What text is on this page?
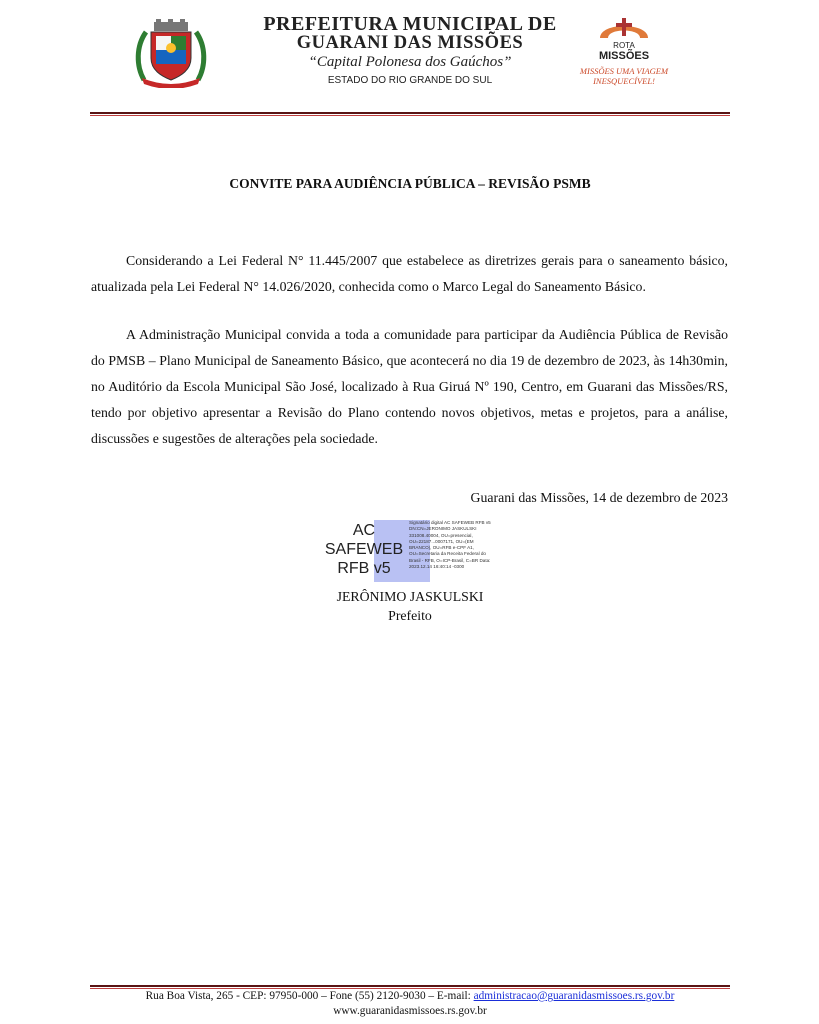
PREFEITURA MUNICIPAL DE
GUARANI DAS MISSÕES
“Capital Polonesa dos Gaúchos”
ESTADO DO RIO GRANDE DO SUL
ROTA
MISSÕES
MISSÕES UMA VIAGEM
INESQUECÍVEL!
CONVITE PARA AUDIÊNCIA PÚBLICA – REVISÃO PSMB

Considerando a Lei Federal N° 11.445/2007 que estabelece as diretrizes gerais para o saneamento básico, atualizada pela Lei Federal N° 14.026/2020, conhecida como o Marco Legal do Saneamento Básico.

A Administração Municipal convida a toda a comunidade para participar da Audiência Pública de Revisão do PMSB – Plano Municipal de Saneamento Básico, que acontecerá no dia 19 de dezembro de 2023, às 14h30min, no Auditório da Escola Municipal São José, localizado à Rua Giruá Nº 190, Centro, em Guarani das Missões/RS, tendo por objetivo apresentar a Revisão do Plano contendo novos objetivos, metas e projetos, para a análise, discussões e sugestões de alterações pela sociedade.

Guarani das Missões, 14 de dezembro de 2023
AC
SAFEWEB
RFB v5
Signatário digital AC SAFEWEB RFB v5 DN:CN=JERONIMO JASKULSKI 331008.40004, OU=presencial, OU=22187...0007171, OU=(EM BRANCO), OU=RFB e-CPF A1, OU=Secretaria da Receita Federal do Brasil - RFB, O=ICP-Brasil, C=BR Data: 2023.12.14 16:40:14 -0300
JERÔNIMO JASKULSKI
Prefeito
Rua Boa Vista, 265 - CEP: 97950-000 – Fone (55) 2120-9030 – E-mail: administracao@guaranidasmissoes.rs.gov.br
www.guaranidasmissoes.rs.gov.br
